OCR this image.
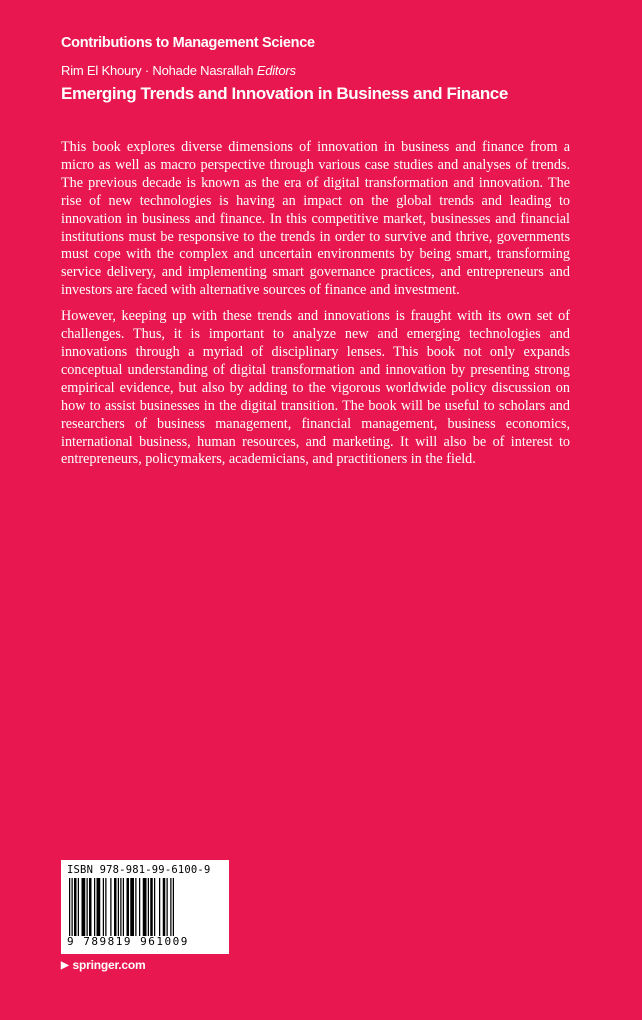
Contributions to Management Science
Rim El Khoury · Nohade Nasrallah Editors
Emerging Trends and Innovation in Business and Finance

This book explores diverse dimensions of innovation in business and finance from a micro as well as macro perspective through various case studies and analyses of trends. The previous decade is known as the era of digital transformation and innovation. The rise of new technologies is having an impact on the global trends and leading to innovation in business and finance. In this competitive market, businesses and financial institutions must be responsive to the trends in order to survive and thrive, governments must cope with the complex and uncertain environments by being smart, transforming service delivery, and implementing smart governance practices, and entrepreneurs and investors are faced with alternative sources of finance and investment.

However, keeping up with these trends and innovations is fraught with its own set of challenges. Thus, it is important to analyze new and emerging technologies and innovations through a myriad of disciplinary lenses. This book not only expands conceptual understanding of digital transformation and innovation by presenting strong empirical evidence, but also by adding to the vigorous worldwide policy discussion on how to assist businesses in the digital transition. The book will be useful to scholars and researchers of business management, financial management, business economics, international business, human resources, and marketing. It will also be of interest to entrepreneurs, policymakers, academicians, and practitioners in the field.

ISBN 978-981-99-6100-9
9 789819 961009
▶ springer.com
